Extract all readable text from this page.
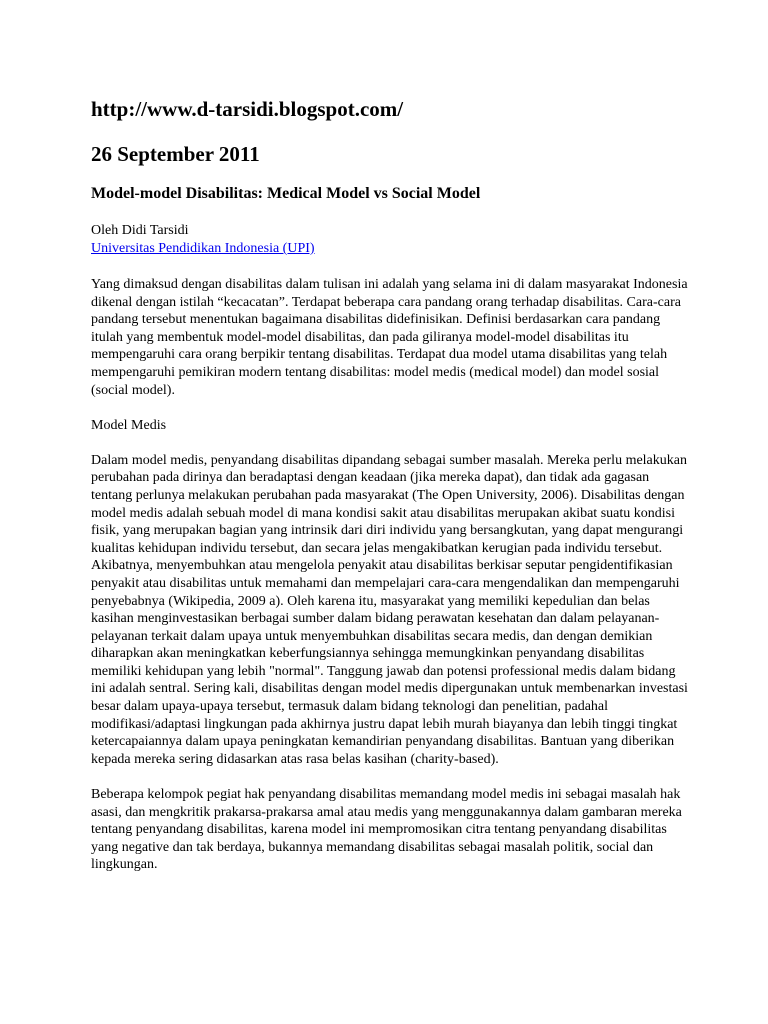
http://www.d-tarsidi.blogspot.com/
26 September 2011
Model-model Disabilitas: Medical Model vs Social Model
Oleh Didi Tarsidi
Universitas Pendidikan Indonesia (UPI)

Yang dimaksud dengan disabilitas dalam tulisan ini adalah yang selama ini di dalam masyarakat Indonesia dikenal dengan istilah “kecacatan”. Terdapat beberapa cara pandang orang terhadap disabilitas. Cara-cara pandang tersebut menentukan bagaimana disabilitas didefinisikan. Definisi berdasarkan cara pandang itulah yang membentuk model-model disabilitas, dan pada giliranya model-model disabilitas itu mempengaruhi cara orang berpikir tentang disabilitas. Terdapat dua model utama disabilitas yang telah mempengaruhi pemikiran modern tentang disabilitas: model medis (medical model) dan model sosial (social model).

Model Medis

Dalam model medis, penyandang disabilitas dipandang sebagai sumber masalah. Mereka perlu melakukan perubahan pada dirinya dan beradaptasi dengan keadaan (jika mereka dapat), dan tidak ada gagasan tentang perlunya melakukan perubahan pada masyarakat (The Open University, 2006). Disabilitas dengan model medis adalah sebuah model di mana kondisi sakit atau disabilitas merupakan akibat suatu kondisi fisik, yang merupakan bagian yang intrinsik dari diri individu yang bersangkutan, yang dapat mengurangi kualitas kehidupan individu tersebut, dan secara jelas mengakibatkan kerugian pada individu tersebut. Akibatnya, menyembuhkan atau mengelola penyakit atau disabilitas berkisar seputar pengidentifikasian penyakit atau disabilitas untuk memahami dan mempelajari cara-cara mengendalikan dan mempengaruhi penyebabnya (Wikipedia, 2009 a). Oleh karena itu, masyarakat yang memiliki kepedulian dan belas kasihan menginvestasikan berbagai sumber dalam bidang perawatan kesehatan dan dalam pelayanan-pelayanan terkait dalam upaya untuk menyembuhkan disabilitas secara medis, dan dengan demikian diharapkan akan meningkatkan keberfungsiannya sehingga memungkinkan penyandang disabilitas memiliki kehidupan yang lebih "normal". Tanggung jawab dan potensi professional medis dalam bidang ini adalah sentral. Sering kali, disabilitas dengan model medis dipergunakan untuk membenarkan investasi besar dalam upaya-upaya tersebut, termasuk dalam bidang teknologi dan penelitian, padahal modifikasi/adaptasi lingkungan pada akhirnya justru dapat lebih murah biayanya dan lebih tinggi tingkat ketercapaiannya dalam upaya peningkatan kemandirian penyandang disabilitas. Bantuan yang diberikan kepada mereka sering didasarkan atas rasa belas kasihan (charity-based).

Beberapa kelompok pegiat hak penyandang disabilitas memandang model medis ini sebagai masalah hak asasi, dan mengkritik prakarsa-prakarsa amal atau medis yang menggunakannya dalam gambaran mereka tentang penyandang disabilitas, karena model ini mempromosikan citra tentang penyandang disabilitas yang negative dan tak berdaya, bukannya memandang disabilitas sebagai masalah politik, social dan lingkungan.
